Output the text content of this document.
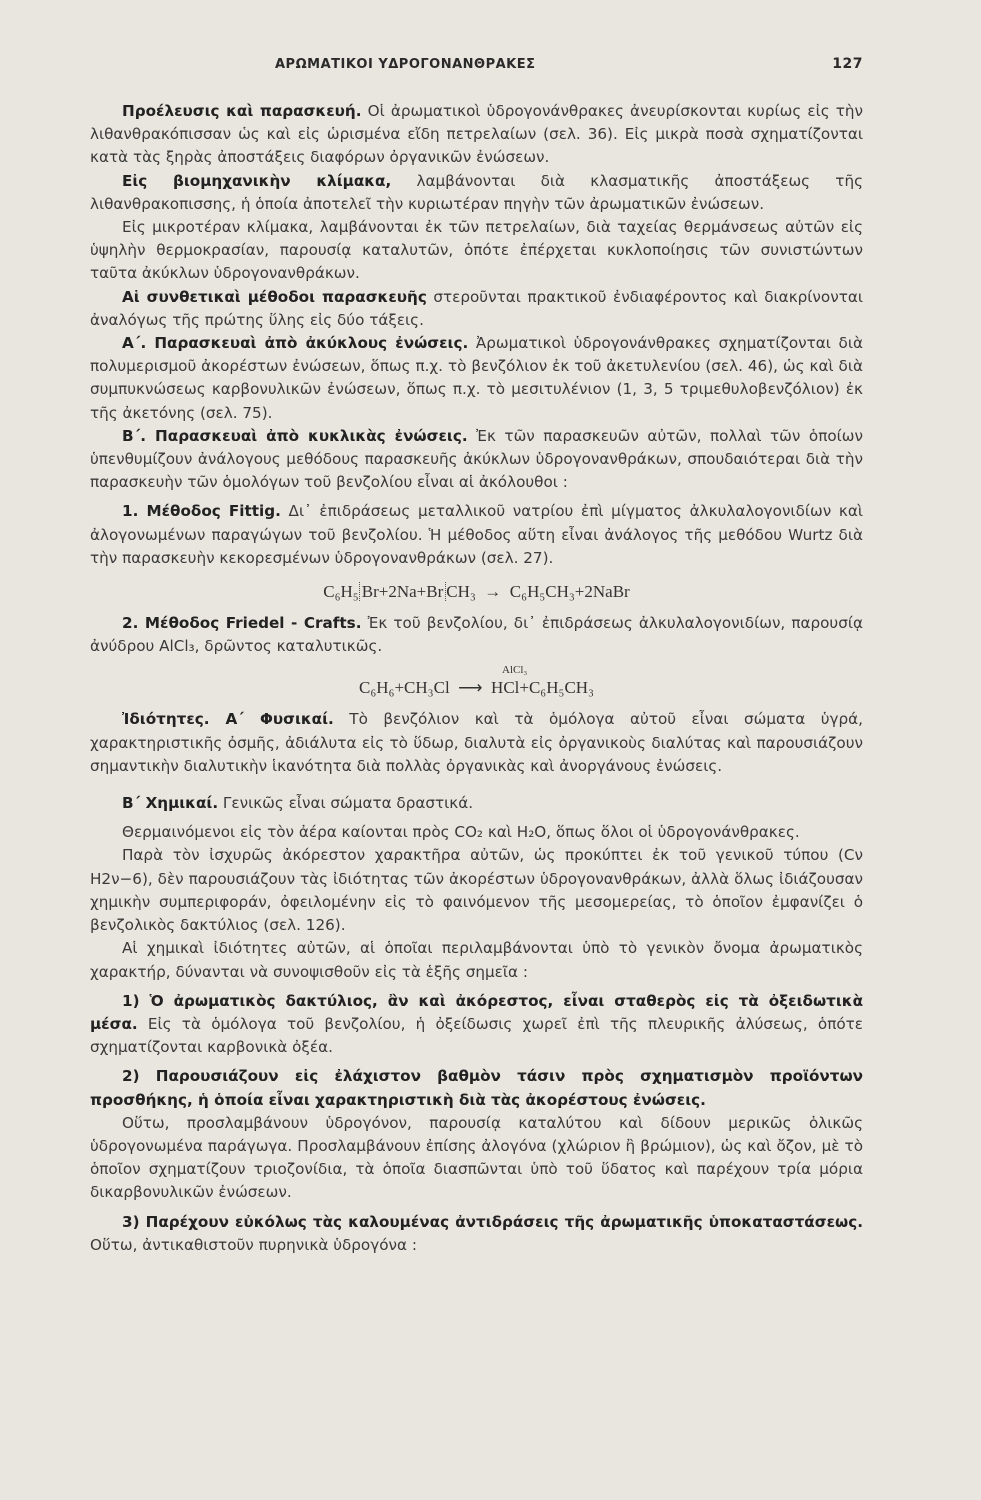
ΑΡΩΜΑΤΙΚΟΙ ΥΔΡΟΓΟΝΑΝΘΡΑΚΕΣ	127

Προέλευσις καὶ παρασκευή. Οἱ ἀρωματικοὶ ὑδρογονάνθρακες ἀνευρίσκονται κυρίως εἰς τὴν λιθανθρακόπισσαν ὡς καὶ εἰς ὡρισμένα εἴδη πετρελαίων (σελ. 36). Εἰς μικρὰ ποσὰ σχηματίζονται κατὰ τὰς ξηρὰς ἀποστάξεις διαφόρων ὀργανικῶν ἐνώσεων.

Εἰς βιομηχανικὴν κλίμακα, λαμβάνονται διὰ κλασματικῆς ἀποστάξεως τῆς λιθανθρακοπισσης, ἡ ὁποία ἀποτελεῖ τὴν κυριωτέραν πηγὴν τῶν ἀρωματικῶν ἐνώσεων.

Εἰς μικροτέραν κλίμακα, λαμβάνονται ἐκ τῶν πετρελαίων, διὰ ταχείας θερμάνσεως αὐτῶν εἰς ὑψηλὴν θερμοκρασίαν, παρουσίᾳ καταλυτῶν, ὁπότε ἐπέρχεται κυκλοποίησις τῶν συνιστώντων ταῦτα ἀκύκλων ὑδρογονανθράκων.

Αἱ συνθετικαὶ μέθοδοι παρασκευῆς στεροῦνται πρακτικοῦ ἐνδιαφέροντος καὶ διακρίνονται ἀναλόγως τῆς πρώτης ὕλης εἰς δύο τάξεις.

Α΄. Παρασκευαὶ ἀπὸ ἀκύκλους ἐνώσεις. Ἀρωματικοὶ ὑδρογονάνθρακες σχηματίζονται διὰ πολυμερισμοῦ ἀκορέστων ἐνώσεων, ὅπως π.χ. τὸ βενζόλιον ἐκ τοῦ ἀκετυλενίου (σελ. 46), ὡς καὶ διὰ συμπυκνώσεως καρβονυλικῶν ἐνώσεων, ὅπως π.χ. τὸ μεσιτυλένιον (1, 3, 5 τριμεθυλοβενζόλιον) ἐκ τῆς ἀκετόνης (σελ. 75).

Β΄. Παρασκευαὶ ἀπὸ κυκλικὰς ἐνώσεις. Ἐκ τῶν παρασκευῶν αὐτῶν, πολλαὶ τῶν ὁποίων ὑπενθυμίζουν ἀνάλογους μεθόδους παρασκευῆς ἀκύκλων ὑδρογονανθράκων, σπουδαιότεραι διὰ τὴν παρασκευὴν τῶν ὁμολόγων τοῦ βενζολίου εἶναι αἱ ἀκόλουθοι :

1. Μέθοδος Fittig. Δι᾽ ἐπιδράσεως μεταλλικοῦ νατρίου ἐπὶ μίγματος ἀλκυλαλογονιδίων καὶ ἀλογονωμένων παραγώγων τοῦ βενζολίου. Ἡ μέθοδος αὕτη εἶναι ἀνάλογος τῆς μεθόδου Wurtz διὰ τὴν παρασκευὴν κεκορεσμένων ὑδρογονανθράκων (σελ. 27).

C₆H₅ Br+2Na+Br CH₃ → C₆H₅CH₃+2NaBr

2. Μέθοδος Friedel - Crafts. Ἐκ τοῦ βενζολίου, δι᾽ ἐπιδράσεως ἀλκυλαλογονιδίων, παρουσίᾳ ἀνύδρου AlCl₃, δρῶντος καταλυτικῶς.

AlCl₃
C₆H₆+CH₃Cl ⟶ HCl+C₆H₅CH₃

Ἰδιότητες. Α΄ Φυσικαί. Τὸ βενζόλιον καὶ τὰ ὁμόλογα αὐτοῦ εἶναι σώματα ὑγρά, χαρακτηριστικῆς ὀσμῆς, ἀδιάλυτα εἰς τὸ ὕδωρ, διαλυτὰ εἰς ὀργανικοὺς διαλύτας καὶ παρουσιάζουν σημαντικὴν διαλυτικὴν ἱκανότητα διὰ πολλὰς ὀργανικὰς καὶ ἀνοργάνους ἐνώσεις.

Β΄ Χημικαί. Γενικῶς εἶναι σώματα δραστικά.

Θερμαινόμενοι εἰς τὸν ἀέρα καίονται πρὸς CO₂ καὶ H₂O, ὅπως ὅλοι οἱ ὑδρογονάνθρακες.

Παρὰ τὸν ἰσχυρῶς ἀκόρεστον χαρακτῆρα αὐτῶν, ὡς προκύπτει ἐκ τοῦ γενικοῦ τύπου (Cν H2ν−6), δὲν παρουσιάζουν τὰς ἰδιότητας τῶν ἀκορέστων ὑδρογονανθράκων, ἀλλὰ ὅλως ἰδιάζουσαν χημικὴν συμπεριφοράν, ὀφειλομένην εἰς τὸ φαινόμενον τῆς μεσομερείας, τὸ ὁποῖον ἐμφανίζει ὁ βενζολικὸς δακτύλιος (σελ. 126).

Αἱ χημικαὶ ἰδιότητες αὐτῶν, αἱ ὁποῖαι περιλαμβάνονται ὑπὸ τὸ γενικὸν ὄνομα ἀρωματικὸς χαρακτήρ, δύνανται νὰ συνοψισθοῦν εἰς τὰ ἑξῆς σημεῖα :

1) Ὁ ἀρωματικὸς δακτύλιος, ἂν καὶ ἀκόρεστος, εἶναι σταθερὸς εἰς τὰ ὀξειδωτικὰ μέσα. Εἰς τὰ ὁμόλογα τοῦ βενζολίου, ἡ ὀξείδωσις χωρεῖ ἐπὶ τῆς πλευρικῆς ἀλύσεως, ὁπότε σχηματίζονται καρβονικὰ ὀξέα.

2) Παρουσιάζουν εἰς ἐλάχιστον βαθμὸν τάσιν πρὸς σχηματισμὸν προϊόντων προσθήκης, ἡ ὁποία εἶναι χαρακτηριστικὴ διὰ τὰς ἀκορέστους ἐνώσεις.

Οὕτω, προσλαμβάνουν ὑδρογόνον, παρουσίᾳ καταλύτου καὶ δίδουν μερικῶς ὁλικῶς ὑδρογονωμένα παράγωγα. Προσλαμβάνουν ἐπίσης ἀλογόνα (χλώριον ἢ βρώμιον), ὡς καὶ ὄζον, μὲ τὸ ὁποῖον σχηματίζουν τριοζονίδια, τὰ ὁποῖα διασπῶνται ὑπὸ τοῦ ὕδατος καὶ παρέχουν τρία μόρια δικαρβονυλικῶν ἐνώσεων.

3) Παρέχουν εὐκόλως τὰς καλουμένας ἀντιδράσεις τῆς ἀρωματικῆς ὑποκαταστάσεως. Οὕτω, ἀντικαθιστοῦν πυρηνικὰ ὑδρογόνα :
